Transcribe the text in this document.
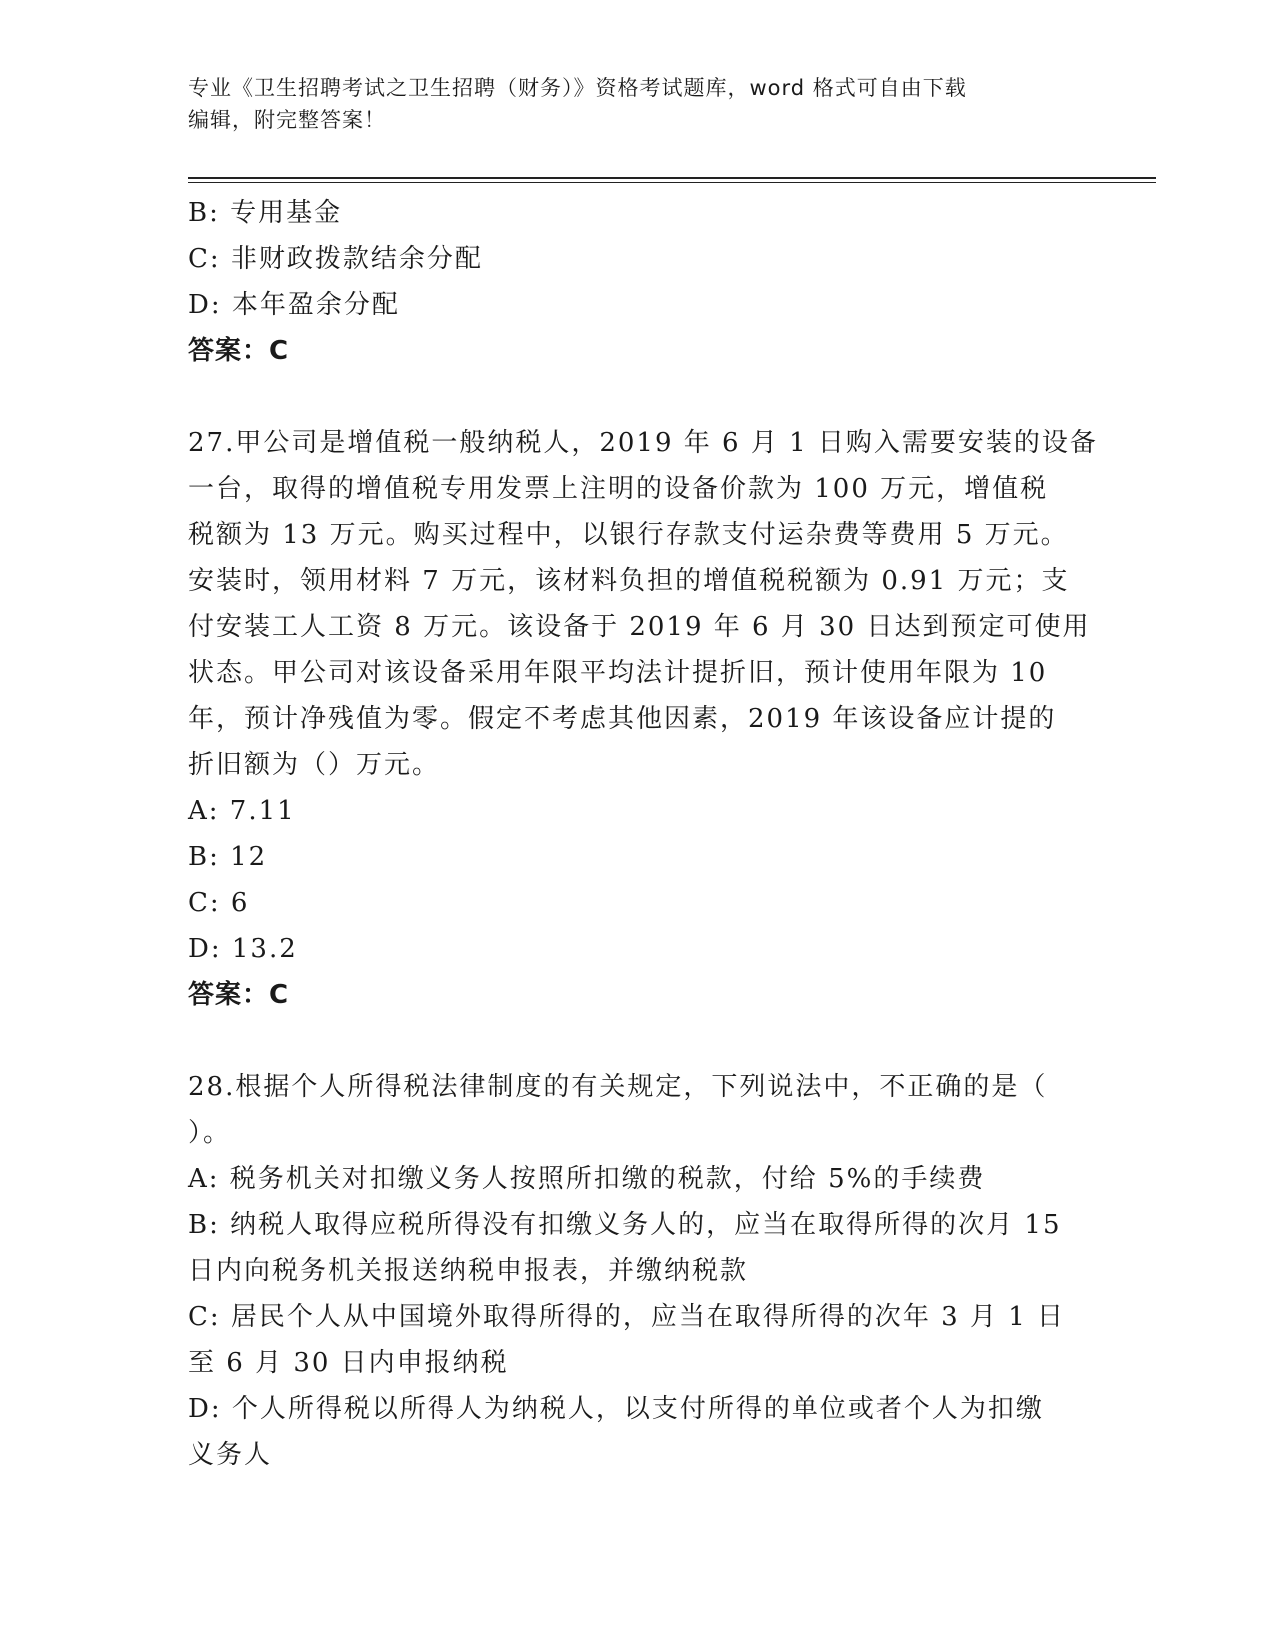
专业《卫生招聘考试之卫生招聘（财务）》资格考试题库，word 格式可自由下载

编辑，附完整答案！

B: 专用基金
C: 非财政拨款结余分配
D: 本年盈余分配
答案：C
27.甲公司是增值税一般纳税人，2019 年 6 月 1 日购入需要安装的设备
一台，取得的增值税专用发票上注明的设备价款为 100 万元，增值税
税额为 13 万元。购买过程中，以银行存款支付运杂费等费用 5 万元。
安装时，领用材料 7 万元，该材料负担的增值税税额为 0.91 万元；支
付安装工人工资 8 万元。该设备于 2019 年 6 月 30 日达到预定可使用
状态。甲公司对该设备采用年限平均法计提折旧，预计使用年限为 10
年，预计净残值为零。假定不考虑其他因素，2019 年该设备应计提的
折旧额为（）万元。
A: 7.11
B: 12
C: 6
D: 13.2
答案：C
28.根据个人所得税法律制度的有关规定，下列说法中，不正确的是（
）。
A: 税务机关对扣缴义务人按照所扣缴的税款，付给 5%的手续费
B: 纳税人取得应税所得没有扣缴义务人的，应当在取得所得的次月 15
日内向税务机关报送纳税申报表，并缴纳税款
C: 居民个人从中国境外取得所得的，应当在取得所得的次年 3 月 1 日
至 6 月 30 日内申报纳税
D: 个人所得税以所得人为纳税人，以支付所得的单位或者个人为扣缴
义务人
